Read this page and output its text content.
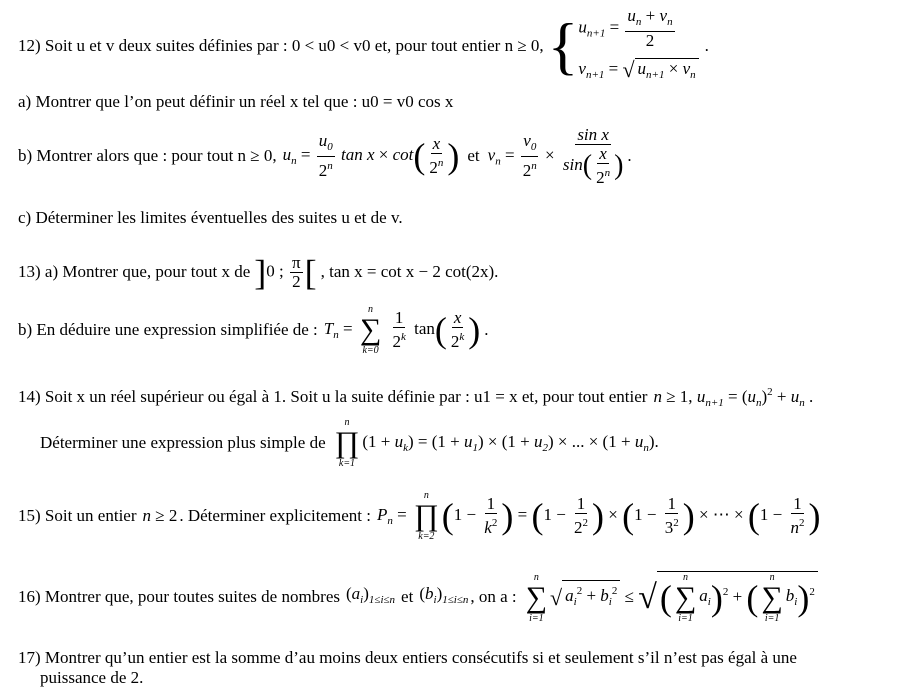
12) Soit u et v deux suites définies par : 0 < u0 < v0 et, pour tout entier n ≥ 0, { $u_{n+1} = \frac{u_n + v_n}{2}$
$v_{n+1}$ = √ $u_{n+1} \times v_n$
.
a) Montrer que l’on peut définir un réel x tel que : u0 = v0 cos x
b) Montrer alors que : pour tout n ≥ 0, $u_n = \frac{u_0}{2^n}$ $\tan x \times \cot( \frac{x}{2^n}$ ) et $v_n = \frac{v_0}{2^n} \times \frac{\text{sin x}}{\sin( \frac{x}{2^n} )}$ .
c) Déterminer les limites éventuelles des suites u et de v.
13) a) Montrer que, pour tout x de ]0 ; $\frac{\pi}{2}$ [ , tan x = cot x − 2 cot(2x).
b) En déduire une expression simplifiée de : $T_n$ =
n
∑
k=0
$\frac{1}{2^k} \tan( \frac{x}{2^k}$ ) .
14) Soit x un réel supérieur ou égal à 1. Soit u la suite définie par : u1 = x et, pour tout entier n ≥ 1, $u_{n+1} = (u_n)^2 + u_n$ .
Déterminer une expression plus simple de
n
∏
k=1
$(1 + u_k) = (1 + u_1) \times (1 + u_2)$ × ... × $(1 + u_n)$.
15) Soit un entier n ≥ 2 . Déterminer explicitement : $P_n$ =
n
∏
k=2
($1 - \frac{1}{k^2}$ ) = ($1 - \frac{1}{2^2}$ ) × ($1 - \frac{1}{3^2}$ ) × ⋯ × ($1 - \frac{1}{n^2}$ )
16) Montrer que, pour toutes suites de nombres $(a_i)_{1\le i\le n}$ et $(b_i)_{1\le i\le n}$ , on a :
n
∑
i=1
√ $a_i^2 + b_i^2$ ≤ √(
n
∑
i=1
$a_i)^2$ + (
n
∑
i=1
$b_i)^2$
17) Montrer qu’un entier est la somme d’au moins deux entiers consécutifs si et seulement s’il n’est pas égal à une
puissance de 2.
